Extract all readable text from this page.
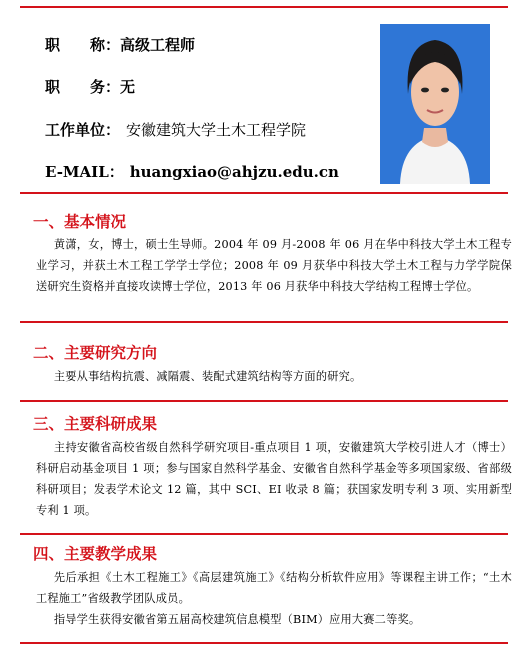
职　　称：高级工程师
职　　务：无
工作单位： 安徽建筑大学土木工程学院
E-MAIL： huangxiao@ahjzu.edu.cn
一、基本情况
黄潇，女，博士，硕士生导师。2004 年 09 月-2008 年 06 月在华中科技大学土木工程专业学习，并获土木工程工学学士学位；2008 年 09 月获华中科技大学土木工程与力学学院保送研究生资格并直接攻读博士学位，2013 年 06 月获华中科技大学结构工程博士学位。
二、主要研究方向
主要从事结构抗震、减隔震、装配式建筑结构等方面的研究。
三、主要科研成果
主持安徽省高校省级自然科学研究项目-重点项目 1 项，安徽建筑大学校引进人才（博士）科研启动基金项目 1 项；参与国家自然科学基金、安徽省自然科学基金等多项国家级、省部级科研项目；发表学术论文 12 篇，其中 SCI、EI 收录 8 篇；获国家发明专利 3 项、实用新型专利 1 项。
四、主要教学成果
先后承担《土木工程施工》《高层建筑施工》《结构分析软件应用》等课程主讲工作；“土木工程施工”省级教学团队成员。
指导学生获得安徽省第五届高校建筑信息模型（BIM）应用大赛二等奖。
